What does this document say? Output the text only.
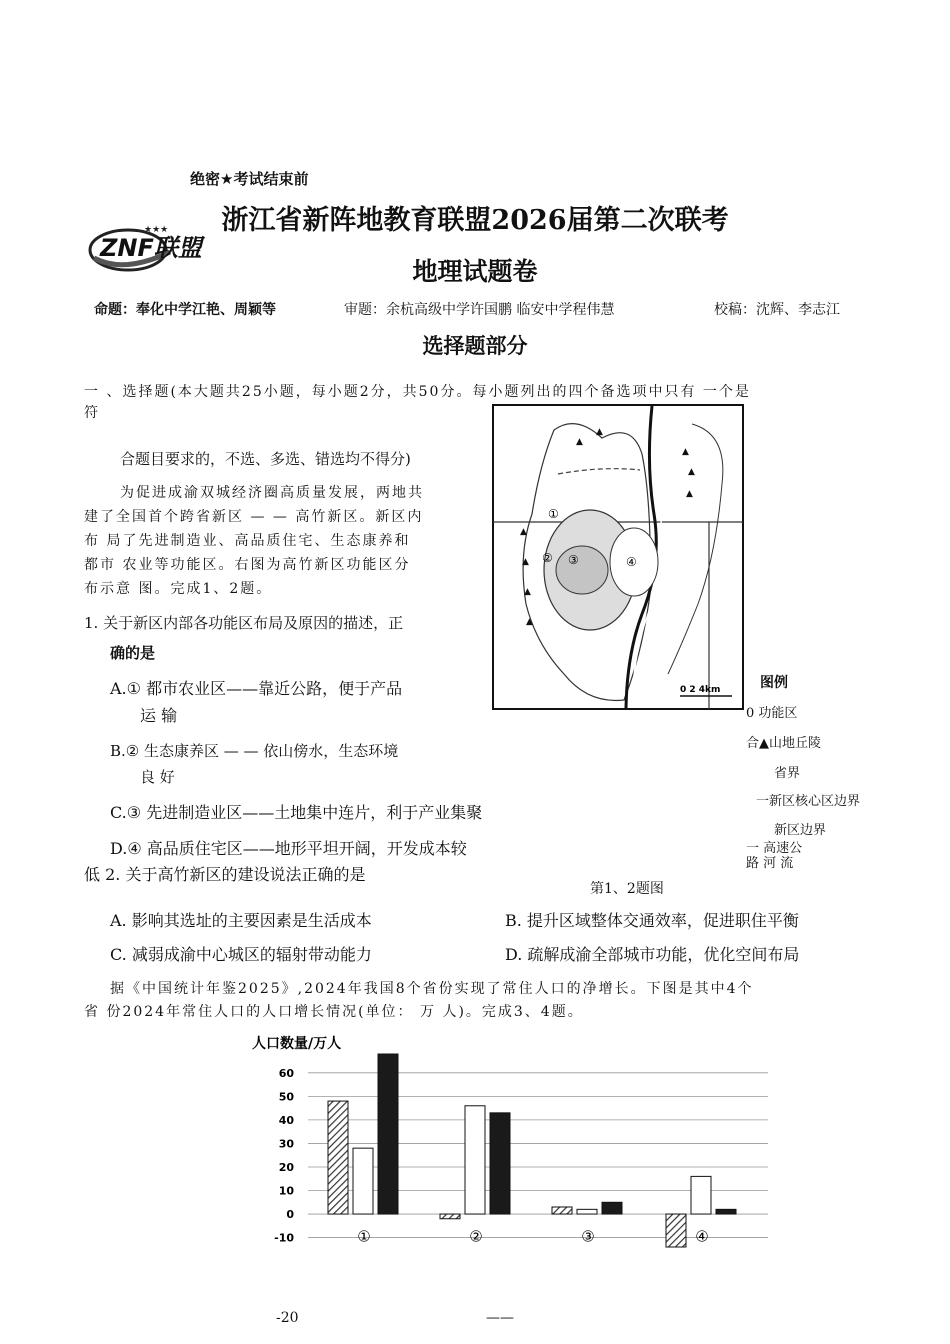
绝密★考试结束前
★★★
ZNF联盟
浙江省新阵地教育联盟2026届第二次联考
地理试题卷
命题：奉化中学江艳、周颖等	审题：余杭高级中学许国鹏 临安中学程伟慧	校稿：沈辉、李志江
选择题部分
一 、选择题(本大题共25小题，每小题2分，共50分。每小题列出的四个备选项中只有 一个是
符
合题目要求的，不选、多选、错选均不得分)
为促进成渝双城经济圈高质量发展，两地共
建了全国首个跨省新区 — — 高竹新区。新区内
布 局了先进制造业、高品质住宅、生态康养和
都市 农业等功能区。右图为高竹新区功能区分
布示意 图。完成1、2题。
1. 关于新区内部各功能区布局及原因的描述，正
确的是
A.① 都市农业区——靠近公路，便于产品
运 输
B.② 生态康养区 — — 依山傍水，生态环境
良 好
C.③ 先进制造业区——土地集中连片，利于产业集聚
D.④ 高品质住宅区——地形平坦开阔，开发成本较
低 2. 关于高竹新区的建设说法正确的是
A. 影响其选址的主要因素是生活成本	B. 提升区域整体交通效率，促进职住平衡
C. 减弱成渝中心城区的辐射带动能力	D. 疏解成渝全部城市功能，优化空间布局
▲
▲
▲
▲
▲
▲
▲
▲
▲
①
② ③	④
0 2 4km	图例
0 功能区
合▲山地丘陵
省界
一新区核心区边界
新区边界
一 高速公
路 河 流
第1、2题图
据《中国统计年鉴2025》,2024年我国8个省份实现了常住人口的净增长。下图是其中4个
省 份2024年常住人口的人口增长情况(单位： 万 人)。完成3、4题。
人口数量/万人
60
50
40
30
20
10
0
-10	①	②	③	④
-20	——
